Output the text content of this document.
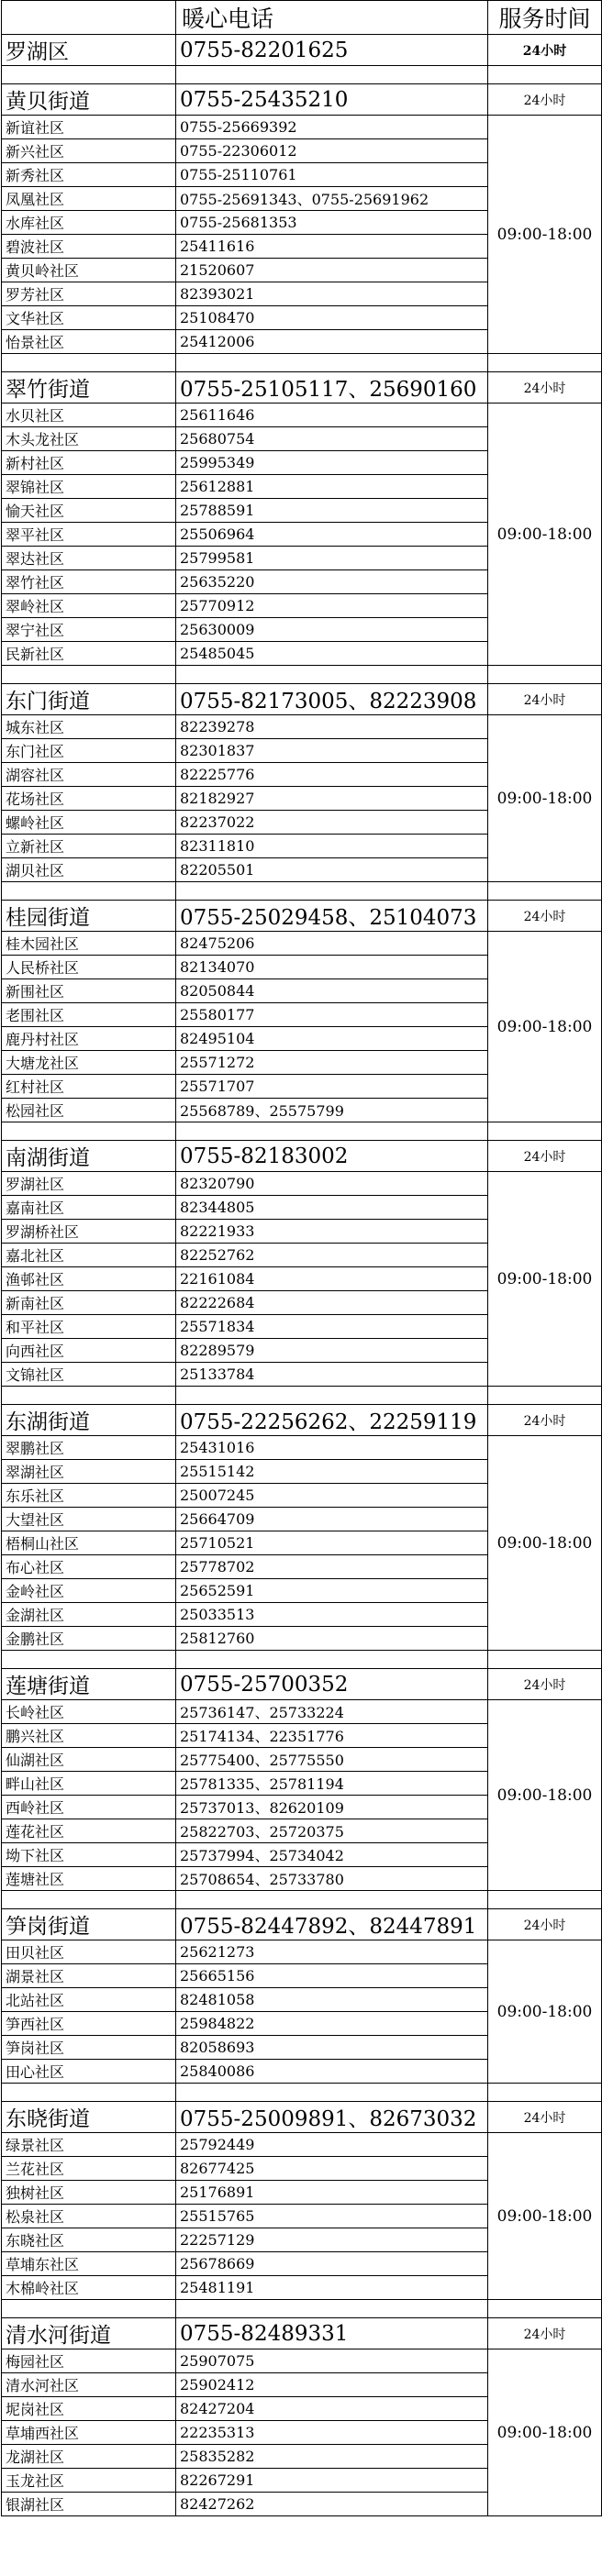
	暖心电话	服务时间
罗湖区	0755-82201625	24小时

黄贝街道	0755-25435210	24小时
新谊社区	0755-25669392	09:00-18:00
新兴社区	0755-22306012	
新秀社区	0755-25110761	
凤凰社区	0755-25691343、0755-25691962	
水库社区	0755-25681353	
碧波社区	25411616	
黄贝岭社区	21520607	
罗芳社区	82393021	
文华社区	25108470	
怡景社区	25412006	

翠竹街道	0755-25105117、25690160	24小时
水贝社区	25611646	09:00-18:00
木头龙社区	25680754	
新村社区	25995349	
翠锦社区	25612881	
愉天社区	25788591	
翠平社区	25506964	
翠达社区	25799581	
翠竹社区	25635220	
翠岭社区	25770912	
翠宁社区	25630009	
民新社区	25485045	

东门街道	0755-82173005、82223908	24小时
城东社区	82239278	09:00-18:00
东门社区	82301837	
湖容社区	82225776	
花场社区	82182927	
螺岭社区	82237022	
立新社区	82311810	
湖贝社区	82205501	

桂园街道	0755-25029458、25104073	24小时
桂木园社区	82475206	09:00-18:00
人民桥社区	82134070	
新围社区	82050844	
老围社区	25580177	
鹿丹村社区	82495104	
大塘龙社区	25571272	
红村社区	25571707	
松园社区	25568789、25575799	

南湖街道	0755-82183002	24小时
罗湖社区	82320790	09:00-18:00
嘉南社区	82344805	
罗湖桥社区	82221933	
嘉北社区	82252762	
渔邨社区	22161084	
新南社区	82222684	
和平社区	25571834	
向西社区	82289579	
文锦社区	25133784	

东湖街道	0755-22256262、22259119	24小时
翠鹏社区	25431016	09:00-18:00
翠湖社区	25515142	
东乐社区	25007245	
大望社区	25664709	
梧桐山社区	25710521	
布心社区	25778702	
金岭社区	25652591	
金湖社区	25033513	
金鹏社区	25812760	

莲塘街道	0755-25700352	24小时
长岭社区	25736147、25733224	09:00-18:00
鹏兴社区	25174134、22351776	
仙湖社区	25775400、25775550	
畔山社区	25781335、25781194	
西岭社区	25737013、82620109	
莲花社区	25822703、25720375	
坳下社区	25737994、25734042	
莲塘社区	25708654、25733780	

笋岗街道	0755-82447892、82447891	24小时
田贝社区	25621273	09:00-18:00
湖景社区	25665156	
北站社区	82481058	
笋西社区	25984822	
笋岗社区	82058693	
田心社区	25840086	

东晓街道	0755-25009891、82673032	24小时
绿景社区	25792449	09:00-18:00
兰花社区	82677425	
独树社区	25176891	
松泉社区	25515765	
东晓社区	22257129	
草埔东社区	25678669	
木棉岭社区	25481191	

清水河街道	0755-82489331	24小时
梅园社区	25907075	09:00-18:00
清水河社区	25902412	
坭岗社区	82427204	
草埔西社区	22235313	
龙湖社区	25835282	
玉龙社区	82267291	
银湖社区	82427262	
